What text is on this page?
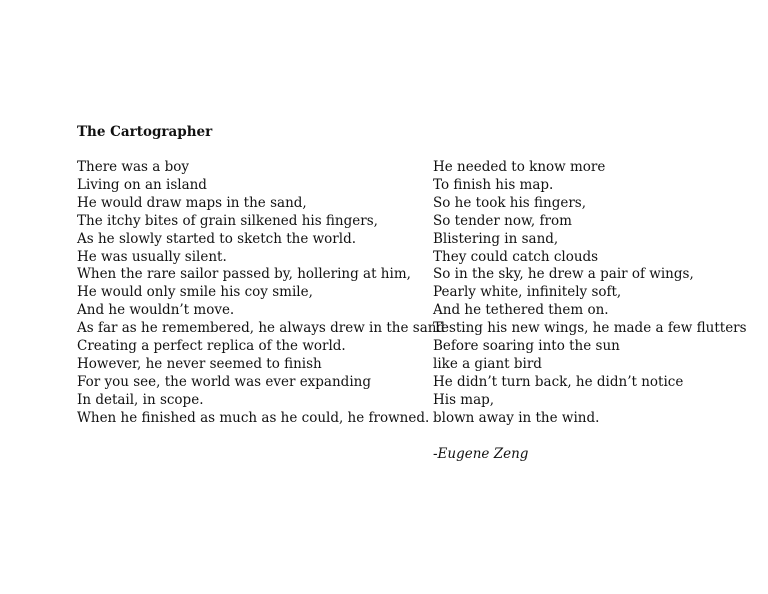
The Cartographer
There was a boy
Living on an island
He would draw maps in the sand,
The itchy bites of grain silkened his fingers,
As he slowly started to sketch the world.
He was usually silent.
When the rare sailor passed by, hollering at him,
He would only smile his coy smile,
And he wouldn’t move.
As far as he remembered, he always drew in the sand
Creating a perfect replica of the world.
However, he never seemed to finish
For you see, the world was ever expanding
In detail, in scope.
When he finished as much as he could, he frowned.
He needed to know more
To finish his map.
So he took his fingers,
So tender now, from
Blistering in sand,
They could catch clouds
So in the sky, he drew a pair of wings,
Pearly white, infinitely soft,
And he tethered them on.
Testing his new wings, he made a few flutters
Before soaring into the sun
like a giant bird
He didn’t turn back, he didn’t notice
His map,
blown away in the wind.
-Eugene Zeng
